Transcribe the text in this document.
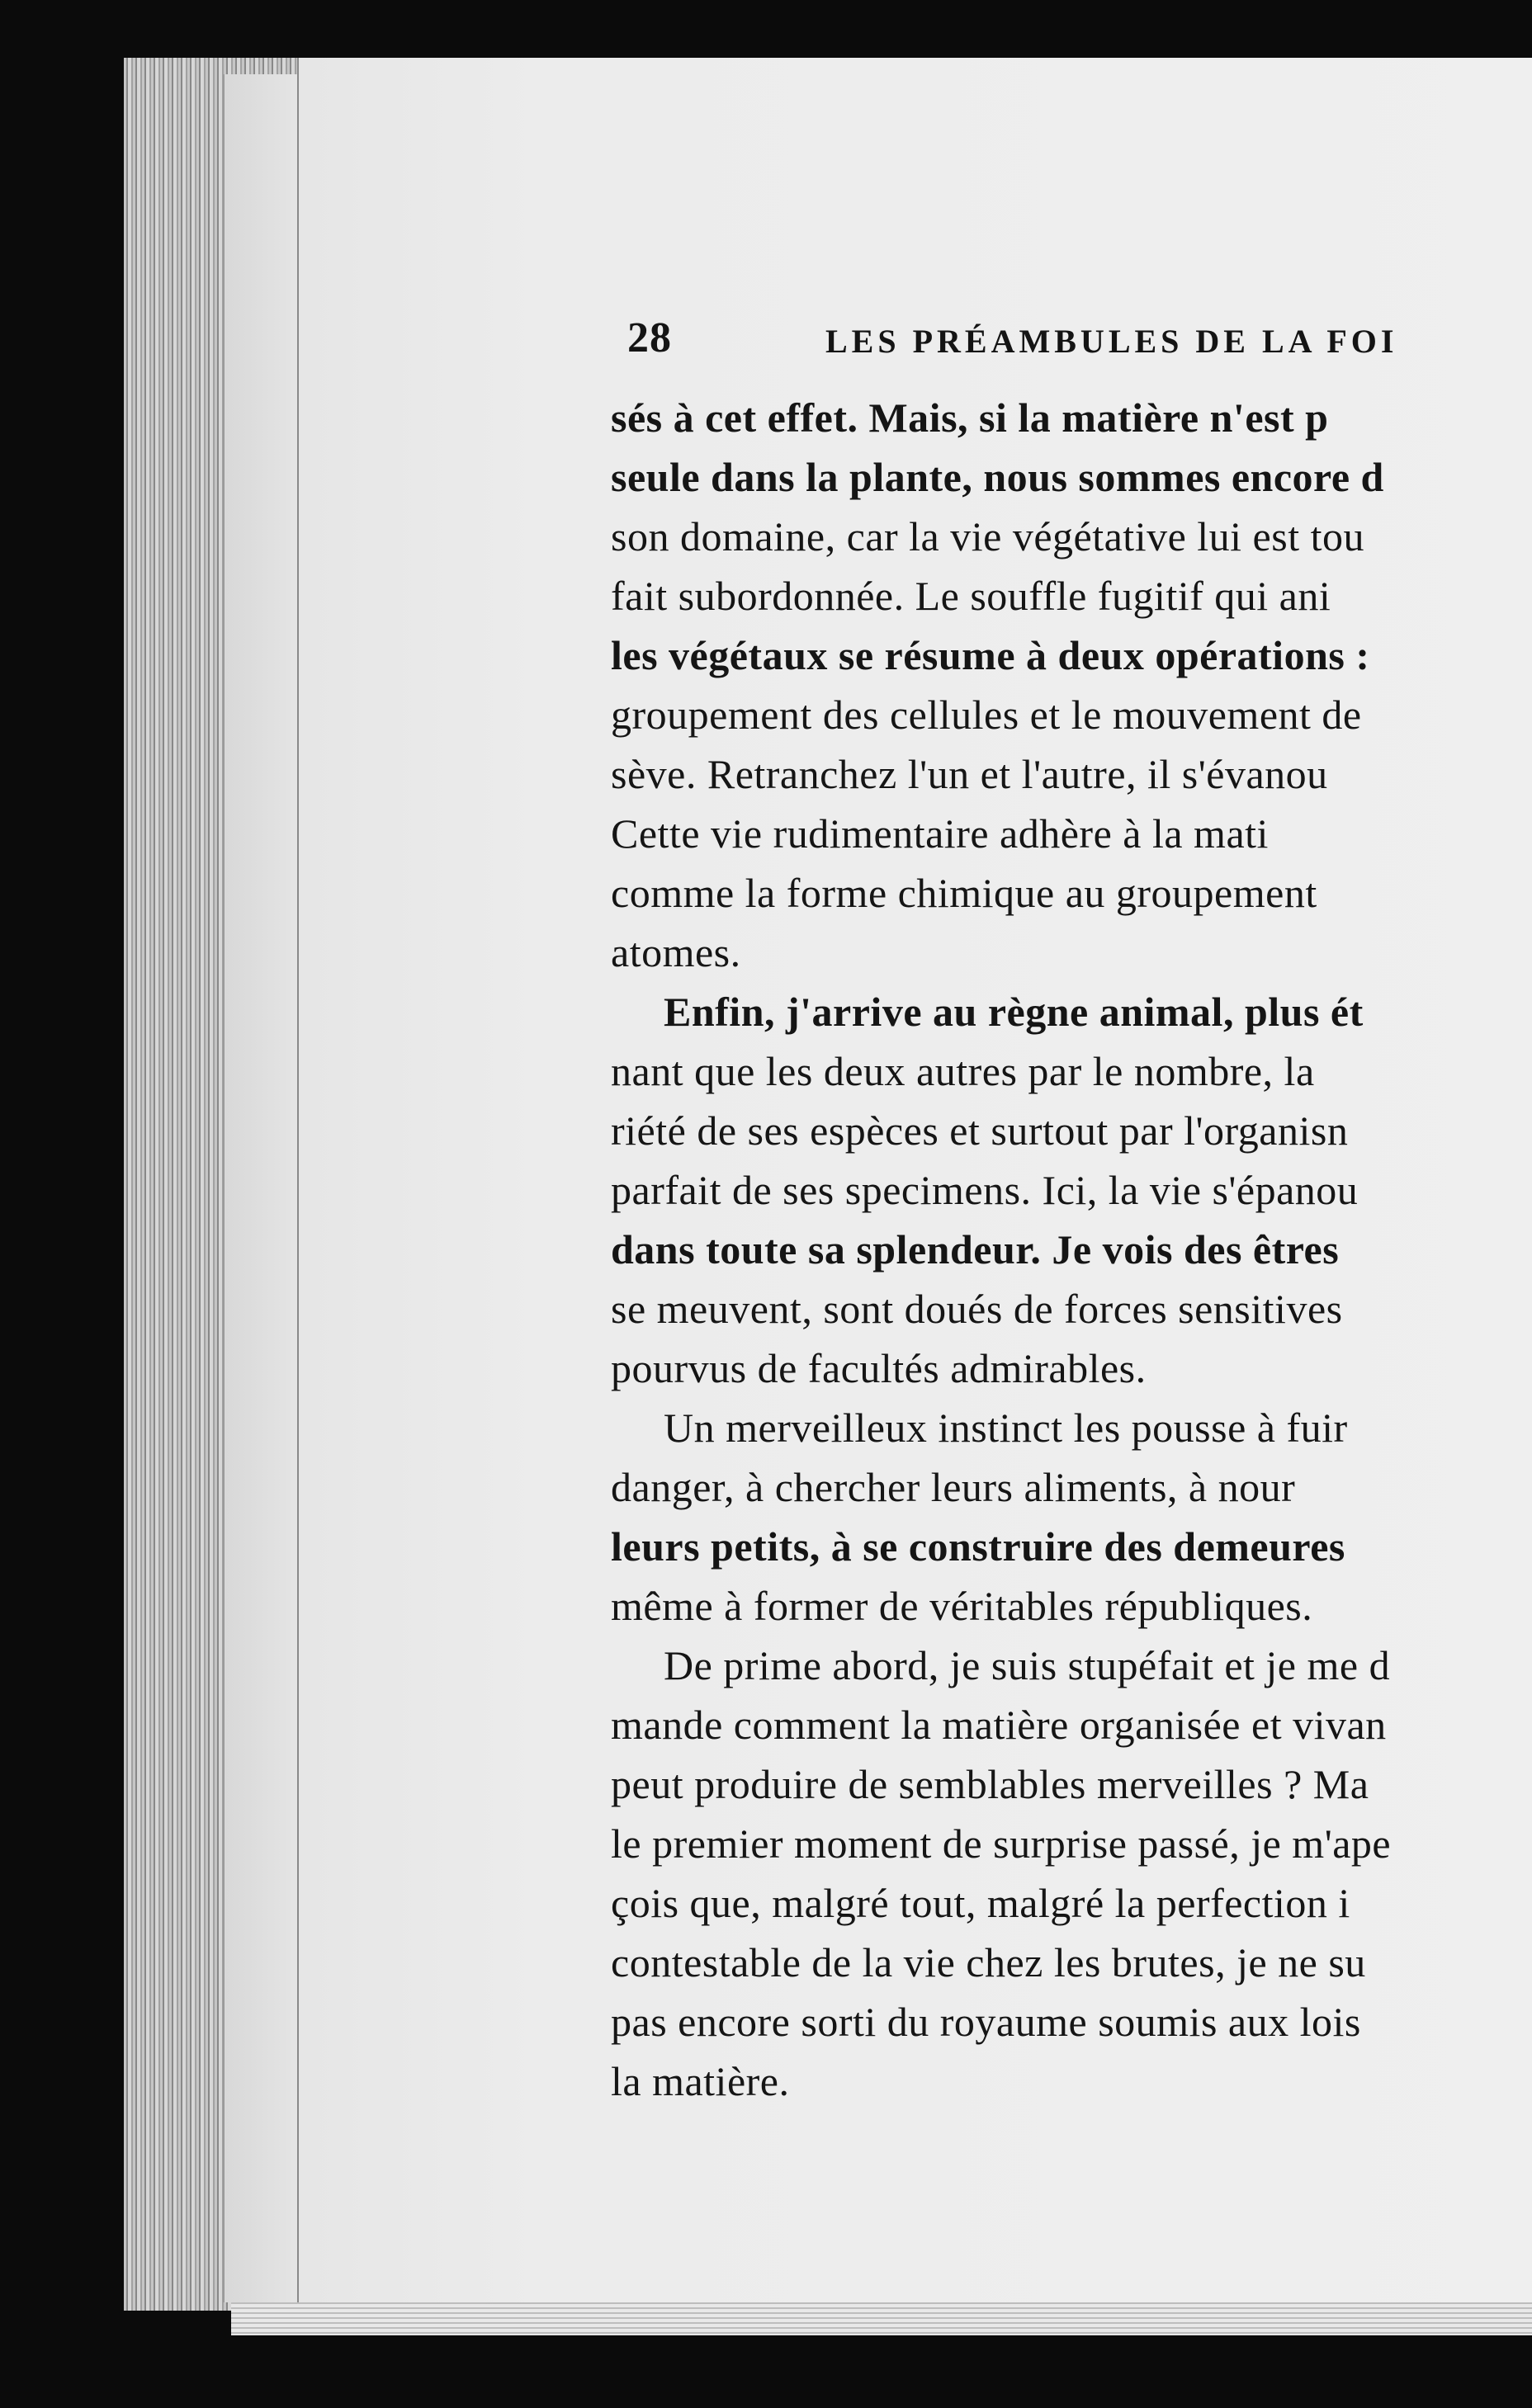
28	LES PRÉAMBULES DE LA FOI
sés à cet effet. Mais, si la matière n'est p
seule dans la plante, nous sommes encore d
son domaine, car la vie végétative lui est tou
fait subordonnée. Le souffle fugitif qui ani
les végétaux se résume à deux opérations :
groupement des cellules et le mouvement de
sève. Retranchez l'un et l'autre, il s'évanou
Cette vie rudimentaire adhère à la mati
comme la forme chimique au groupement
atomes.
Enfin, j'arrive au règne animal, plus ét
nant que les deux autres par le nombre, la
riété de ses espèces et surtout par l'organisn
parfait de ses specimens. Ici, la vie s'épanou
dans toute sa splendeur. Je vois des êtres
se meuvent, sont doués de forces sensitives
pourvus de facultés admirables.
Un merveilleux instinct les pousse à fuir
danger, à chercher leurs aliments, à nour
leurs petits, à se construire des demeures
même à former de véritables républiques.
De prime abord, je suis stupéfait et je me d
mande comment la matière organisée et vivan
peut produire de semblables merveilles ? Ma
le premier moment de surprise passé, je m'ape
çois que, malgré tout, malgré la perfection i
contestable de la vie chez les brutes, je ne su
pas encore sorti du royaume soumis aux lois
la matière.
